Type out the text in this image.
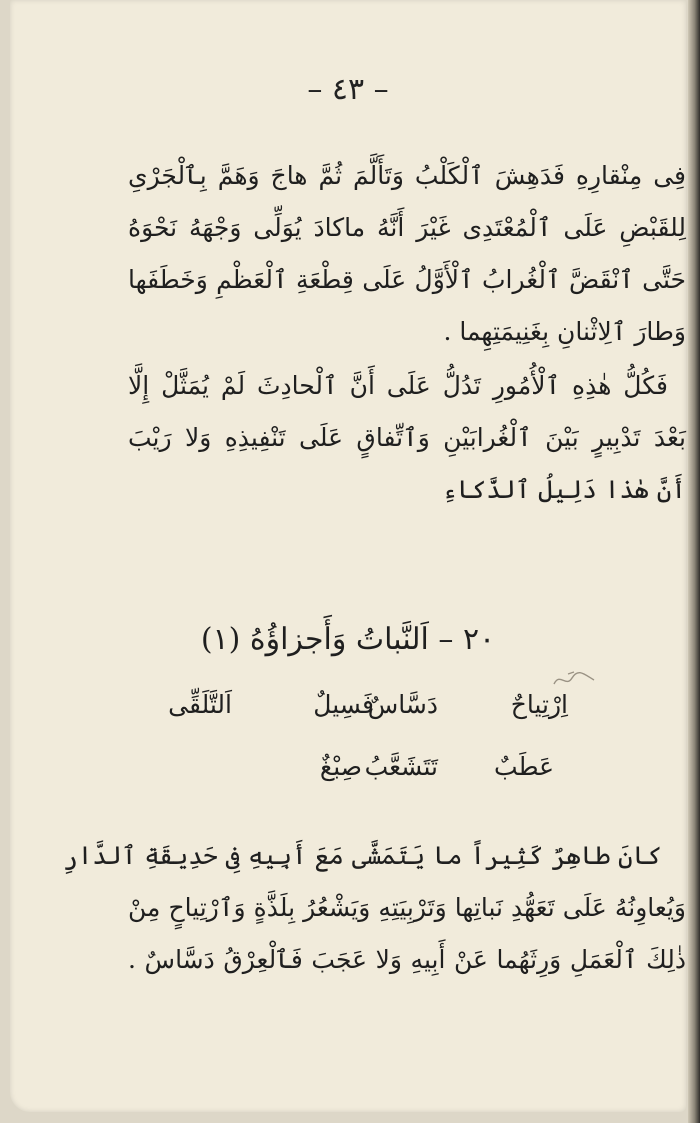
– ٤٣ –
فِى مِنْقارِهِ فَدَهِشَ ٱلْكَلْبُ وَتَأَلَّمَ ثُمَّ هاجَ وَهَمَّ بِٱلْجَرْىِ
لِلقَبْضِ عَلَى ٱلْمُعْتَدِى غَيْرَ أَنَّهُ ماكادَ يُوَلِّى وَجْهَهُ نَحْوَهُ
حَتَّى ٱنْقَضَّ ٱلْغُرابُ ٱلْأَوَّلُ عَلَى قِطْعَةِ ٱلْعَظْمِ وَخَطَفَها
وَطارَ ٱلِاثْنانِ بِغَنِيمَتِهِما .
فَكُلُّ هٰذِهِ ٱلْأُمُورِ تَدُلُّ عَلَى أَنَّ ٱلْحادِثَ لَمْ يُمَثَّلْ إِلَّا
بَعْدَ تَدْبِيرٍ بَيْنَ ٱلْغُرابَيْنِ وَٱتِّفاقٍ عَلَى تَنْفِيذِهِ وَلا رَيْبَ
أَنَّ هٰذا دَلِيلُ ٱلذَّكاءِ
٢٠ – اَلنَّباتُ وَأَجزاؤُهُ (١)
اِرْتِياحٌ
دَسَّاسٌ
فَسِيلٌ
اَلتَّلَقِّى
عَطَبٌ
تَتَشَعَّبُ
صِبْغٌ
كانَ طاهِرٌ كَثِيراً ما يَتَمَشَّى مَعَ أَبِيهِ فِى حَدِيقَةِ ٱلدَّارِ
وَيُعاوِنُهُ عَلَى تَعَهُّدِ نَباتِها وَتَرْبِيَتِهِ وَيَشْعُرُ بِلَذَّةٍ وَٱرْتِياحٍ مِنْ
ذٰلِكَ ٱلْعَمَلِ وَرِثَهُما عَنْ أَبِيهِ وَلا عَجَبَ فَٱلْعِرْقُ دَسَّاسٌ .
